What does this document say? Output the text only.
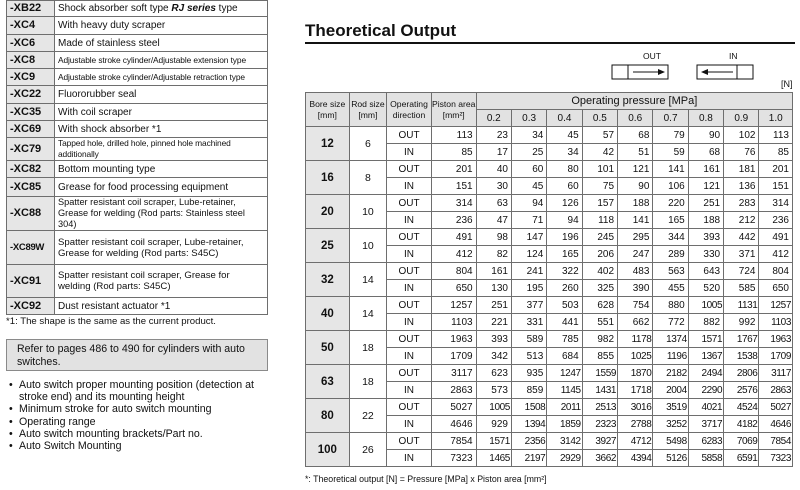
-XB22	Shock absorber soft type RJ series type
-XC4	With heavy duty scraper
-XC6	Made of stainless steel
-XC8	Adjustable stroke cylinder/Adjustable extension type
-XC9	Adjustable stroke cylinder/Adjustable retraction type
-XC22	Fluororubber seal
-XC35	With coil scraper
-XC69	With shock absorber *1
-XC79	Tapped hole, drilled hole, pinned hole machined additionally
-XC82	Bottom mounting type
-XC85	Grease for food processing equipment
-XC88	Spatter resistant coil scraper, Lube-retainer, Grease for welding (Rod parts: Stainless steel 304)
-XC89W	Spatter resistant coil scraper, Lube-retainer, Grease for welding (Rod parts: S45C)
-XC91	Spatter resistant coil scraper, Grease for welding (Rod parts: S45C)
-XC92	Dust resistant actuator *1
*1: The shape is the same as the current product.
Refer to pages 486 to 490 for cylinders with auto switches.
• Auto switch proper mounting position (detection at stroke end) and its mounting height
• Minimum stroke for auto switch mounting
• Operating range
• Auto switch mounting brackets/Part no.
• Auto Switch Mounting
Theoretical Output
OUT	IN
[N]
Bore size [mm]	Rod size [mm]	Operating direction	Piston area [mm²]	Operating pressure [MPa]								
				0.2	0.3	0.4	0.5	0.6	0.7	0.8	0.9	1.0
12	6	OUT	113	23	34	45	57	68	79	90	102	113
		IN	85	17	25	34	42	51	59	68	76	85
16	8	OUT	201	40	60	80	101	121	141	161	181	201
		IN	151	30	45	60	75	90	106	121	136	151
20	10	OUT	314	63	94	126	157	188	220	251	283	314
		IN	236	47	71	94	118	141	165	188	212	236
25	10	OUT	491	98	147	196	245	295	344	393	442	491
		IN	412	82	124	165	206	247	289	330	371	412
32	14	OUT	804	161	241	322	402	483	563	643	724	804
		IN	650	130	195	260	325	390	455	520	585	650
40	14	OUT	1257	251	377	503	628	754	880	1005	1131	1257
		IN	1103	221	331	441	551	662	772	882	992	1103
50	18	OUT	1963	393	589	785	982	1178	1374	1571	1767	1963
		IN	1709	342	513	684	855	1025	1196	1367	1538	1709
63	18	OUT	3117	623	935	1247	1559	1870	2182	2494	2806	3117
		IN	2863	573	859	1145	1431	1718	2004	2290	2576	2863
80	22	OUT	5027	1005	1508	2011	2513	3016	3519	4021	4524	5027
		IN	4646	929	1394	1859	2323	2788	3252	3717	4182	4646
100	26	OUT	7854	1571	2356	3142	3927	4712	5498	6283	7069	7854
		IN	7323	1465	2197	2929	3662	4394	5126	5858	6591	7323
*: Theoretical output [N] = Pressure [MPa] x Piston area [mm²]
